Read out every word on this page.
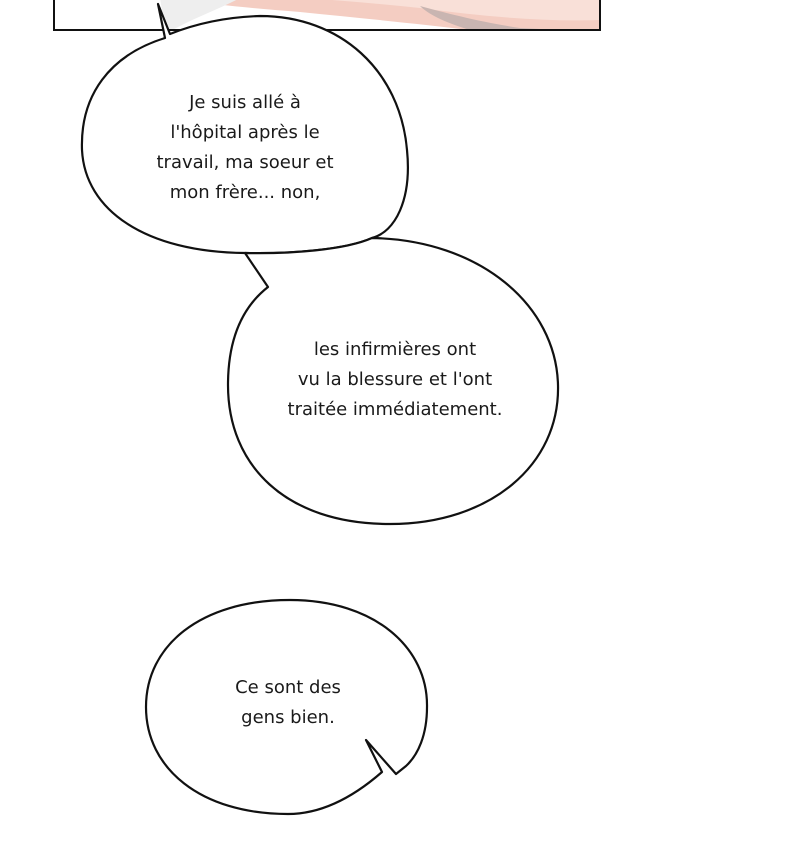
Je suis allé à
l'hôpital après le
travail, ma soeur et
mon frère... non,
les infirmières ont
vu la blessure et l'ont
traitée immédiatement.
Ce sont des
gens bien.
